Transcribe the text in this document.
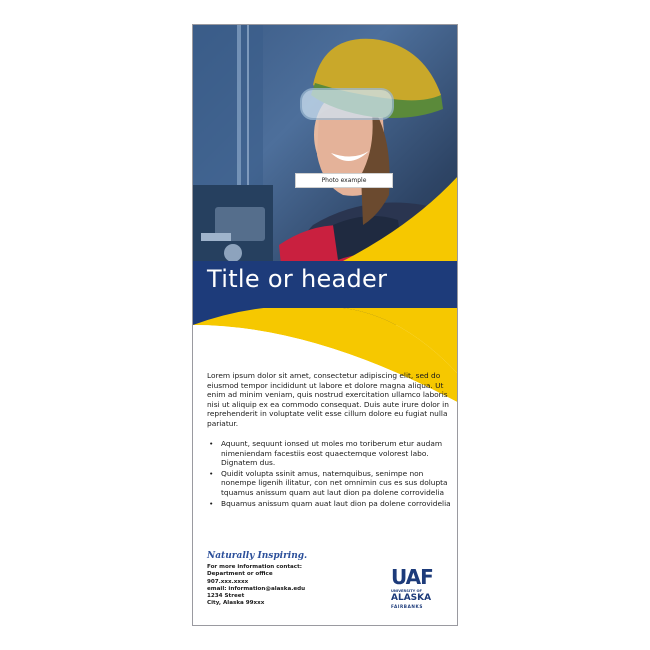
Photo example
Title or header
Lorem ipsum dolor sit amet, consectetur adipiscing elit, sed do eiusmod tempor incididunt ut labore et dolore magna aliqua. Ut enim ad minim veniam, quis nostrud exercitation ullamco laboris nisi ut aliquip ex ea commodo consequat. Duis aute irure dolor in reprehenderit in voluptate velit esse cillum dolore eu fugiat nulla pariatur.
• Aquunt, sequunt ionsed ut moles mo toriberum etur audam nimeniendam facestiis eost quaectemque volorest labo. Dignatem dus.
• Quidit volupta ssinit amus, natemquibus, senimpe non nonempe ligenih ilitatur, con net omnimin cus es sus dolupta tquamus anissum quam aut laut dion pa dolene corrovidelia
• Bquamus anissum quam auat laut dion pa dolene corrovidelia
Naturally Inspiring.
For more information contact:
Department or office
907.xxx.xxxx
email: information@alaska.edu
1234 Street
City, Alaska 99xxx
UAF
UNIVERSITY OF
ALASKA
FAIRBANKS
